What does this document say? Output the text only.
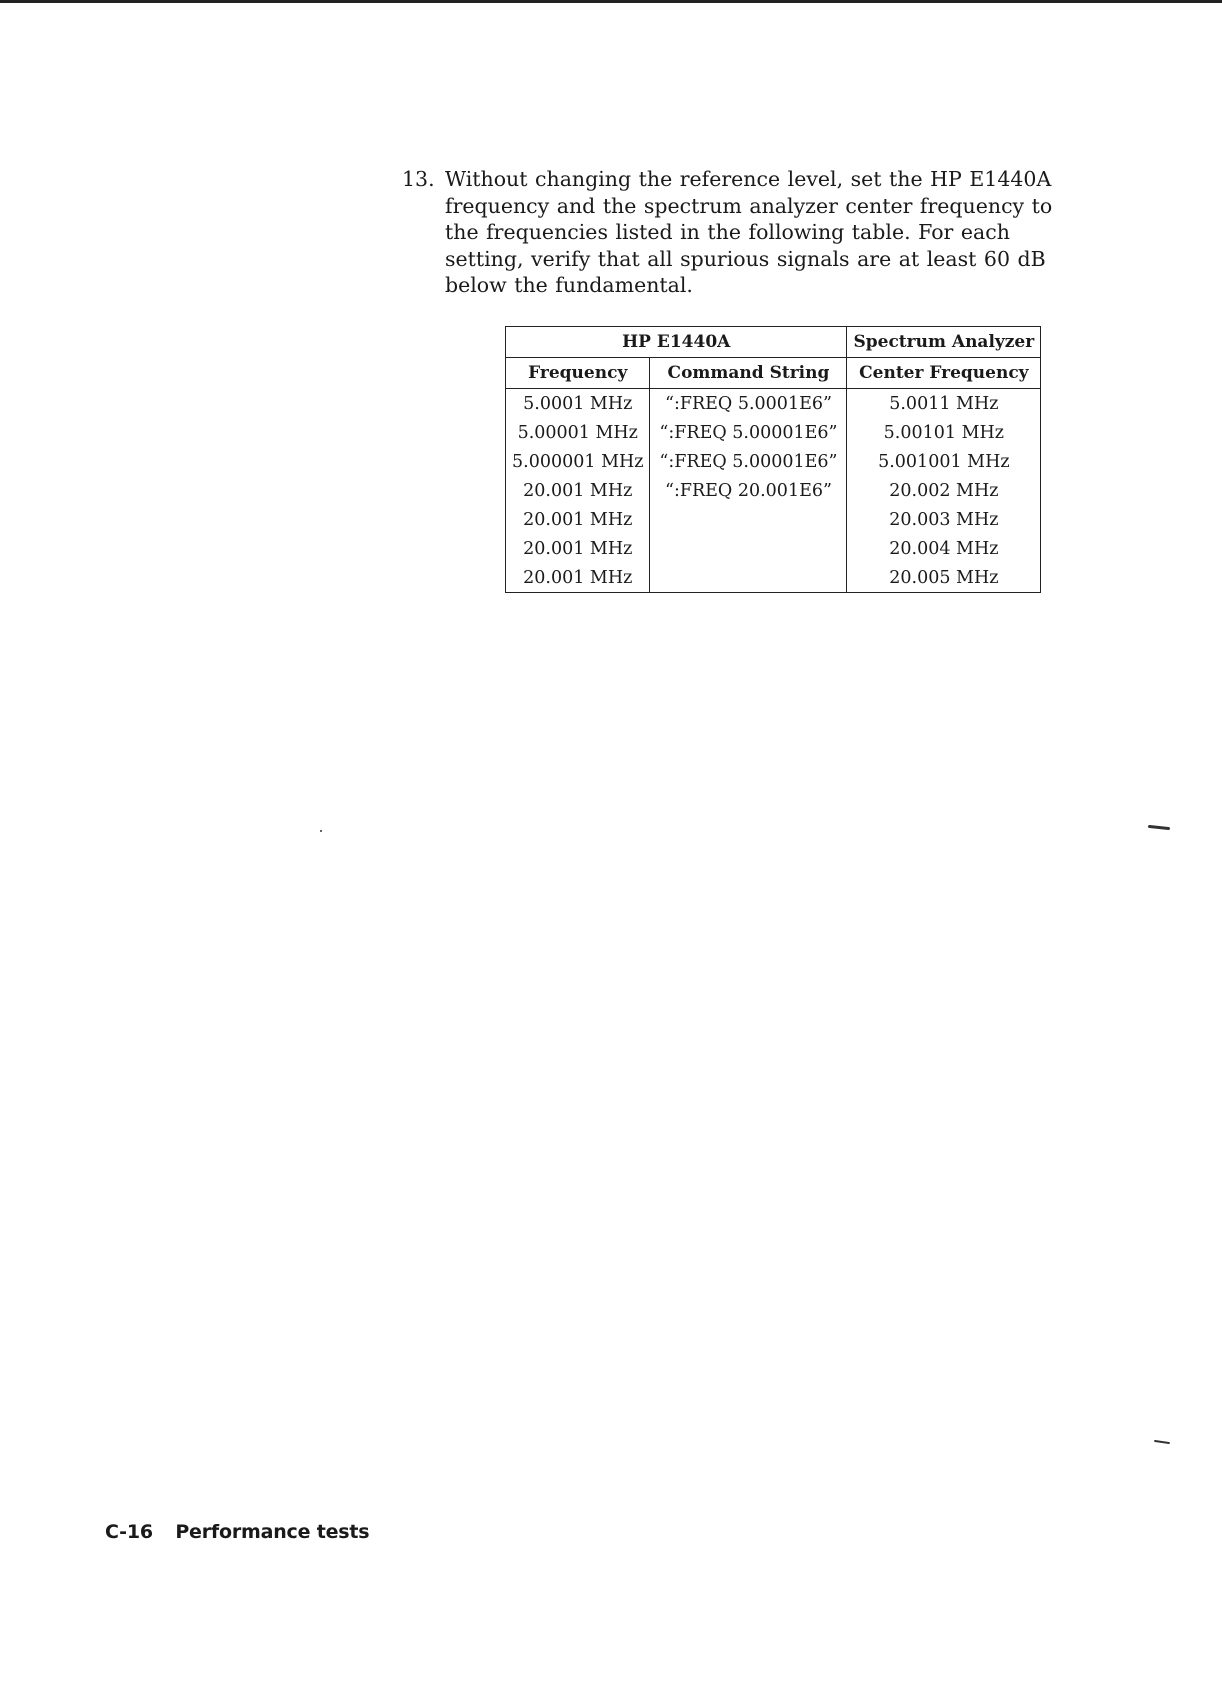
13. Without changing the reference level, set the HP E1440A frequency and the spectrum analyzer center frequency to the frequencies listed in the following table. For each setting, verify that all spurious signals are at least 60 dB below the fundamental.
HP E1440A		Spectrum Analyzer
Frequency	Command String	Center Frequency
5.0001 MHz	“:FREQ 5.0001E6”	5.0011 MHz
5.00001 MHz	“:FREQ 5.00001E6”	5.00101 MHz
5.000001 MHz	“:FREQ 5.00001E6”	5.001001 MHz
20.001 MHz	“:FREQ 20.001E6”	20.002 MHz
20.001 MHz		20.003 MHz
20.001 MHz		20.004 MHz
20.001 MHz		20.005 MHz
C-16 Performance tests
